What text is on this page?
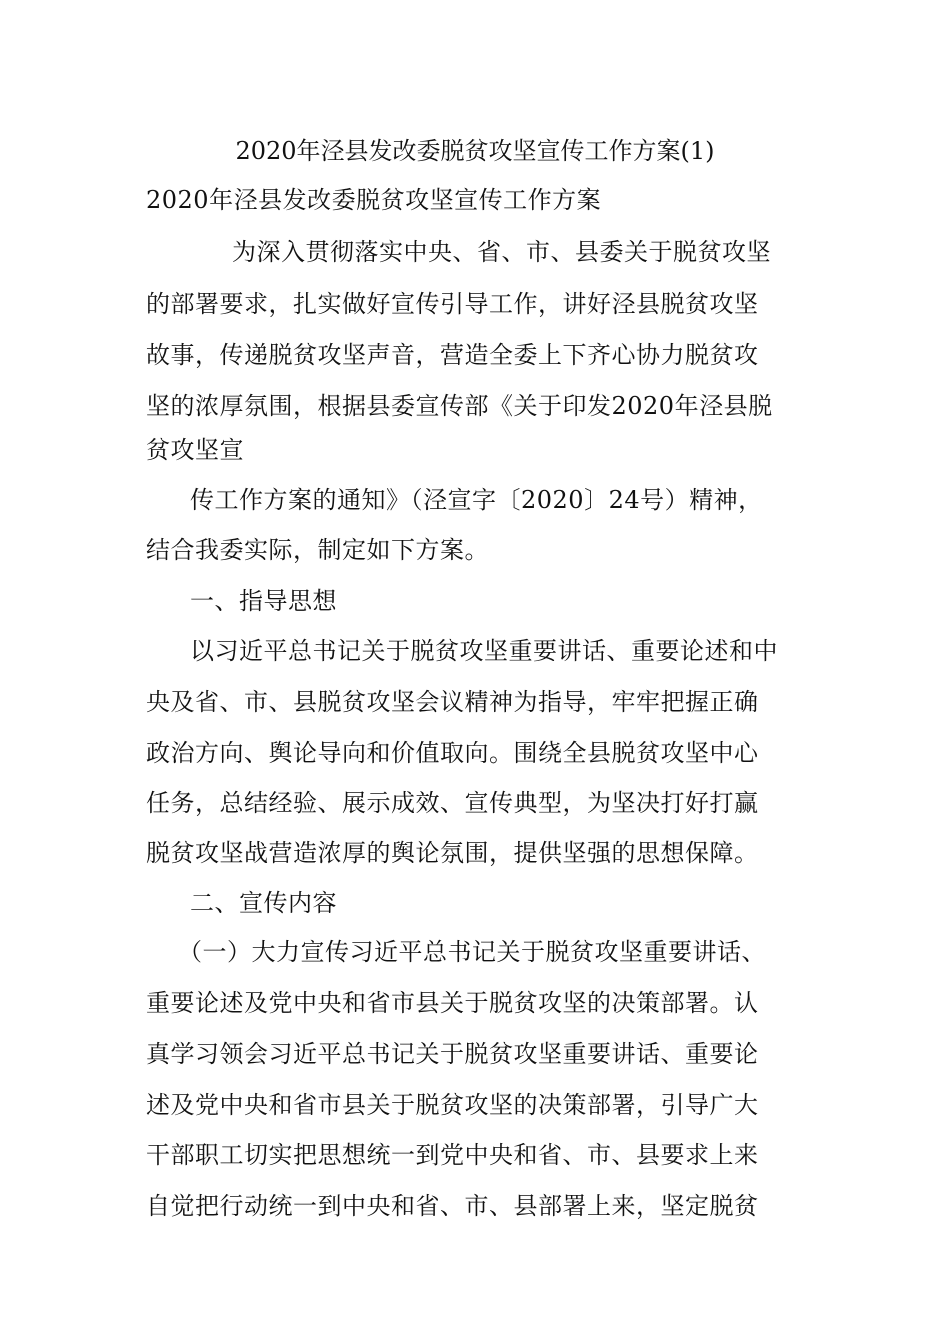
2020年泾县发改委脱贫攻坚宣传工作方案(1)
2020年泾县发改委脱贫攻坚宣传工作方案
为深入贯彻落实中央、省、市、县委关于脱贫攻坚
的部署要求，扎实做好宣传引导工作，讲好泾县脱贫攻坚
故事，传递脱贫攻坚声音，营造全委上下齐心协力脱贫攻
坚的浓厚氛围，根据县委宣传部《关于印发2020年泾县脱
贫攻坚宣
传工作方案的通知》（泾宣字〔2020〕24号）精神，
结合我委实际，制定如下方案。
一、指导思想
以习近平总书记关于脱贫攻坚重要讲话、重要论述和中
央及省、市、县脱贫攻坚会议精神为指导，牢牢把握正确
政治方向、舆论导向和价值取向。围绕全县脱贫攻坚中心
任务，总结经验、展示成效、宣传典型，为坚决打好打赢
脱贫攻坚战营造浓厚的舆论氛围，提供坚强的思想保障。
二、宣传内容
（一）大力宣传习近平总书记关于脱贫攻坚重要讲话、
重要论述及党中央和省市县关于脱贫攻坚的决策部署。认
真学习领会习近平总书记关于脱贫攻坚重要讲话、重要论
述及党中央和省市县关于脱贫攻坚的决策部署，引导广大
干部职工切实把思想统一到党中央和省、市、县要求上来
自觉把行动统一到中央和省、市、县部署上来，坚定脱贫
